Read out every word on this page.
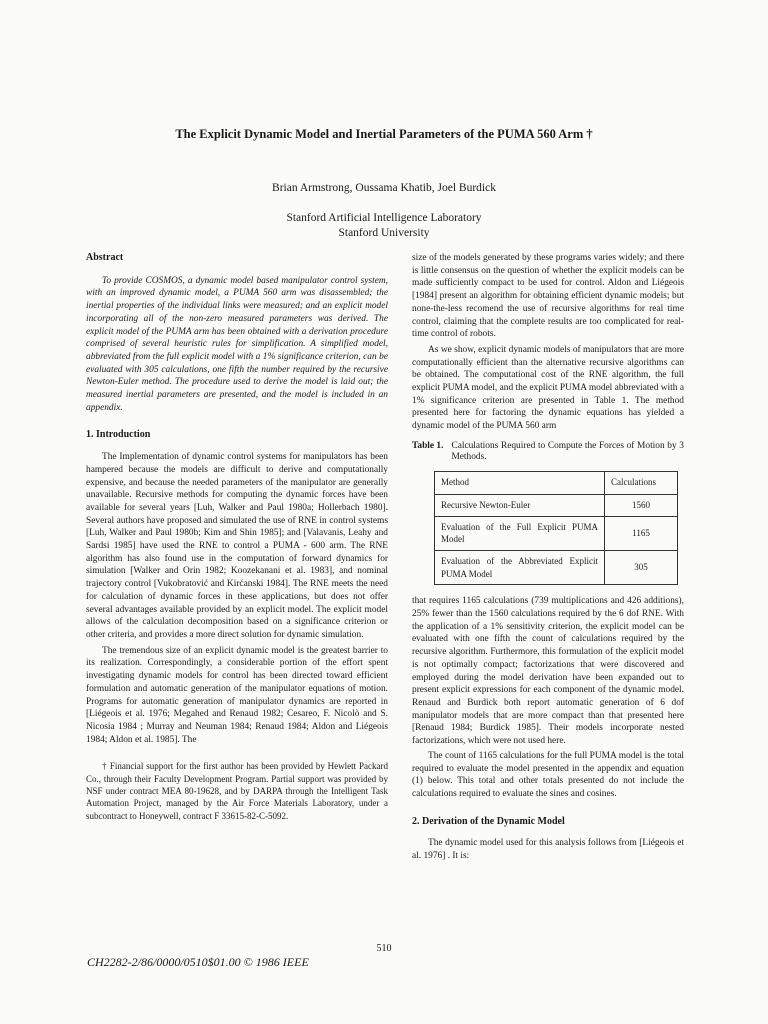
The Explicit Dynamic Model and Inertial Parameters of the PUMA 560 Arm †
Brian Armstrong, Oussama Khatib, Joel Burdick
Stanford Artificial Intelligence Laboratory
Stanford University
Abstract

To provide COSMOS, a dynamic model based manipulator control system, with an improved dynamic model, a PUMA 560 arm was disassembled; the inertial properties of the individual links were measured; and an explicit model incorporating all of the non-zero measured parameters was derived. The explicit model of the PUMA arm has been obtained with a derivation procedure comprised of several heuristic rules for simplification. A simplified model, abbreviated from the full explicit model with a 1% significance criterion, can be evaluated with 305 calculations, one fifth the number required by the recursive Newton-Euler method. The procedure used to derive the model is laid out; the measured inertial parameters are presented, and the model is included in an appendix.

1. Introduction

The Implementation of dynamic control systems for manipulators has been hampered because the models are difficult to derive and computationally expensive, and because the needed parameters of the manipulator are generally unavailable. Recursive methods for computing the dynamic forces have been available for several years [Luh, Walker and Paul 1980a; Hollerbach 1980]. Several authors have proposed and simulated the use of RNE in control systems [Luh, Walker and Paul 1980b; Kim and Shin 1985]; and [Valavanis, Leahy and Sardsi 1985] have used the RNE to control a PUMA - 600 arm. The RNE algorithm has also found use in the computation of forward dynamics for simulation [Walker and Orin 1982; Koozekanani et al. 1983], and nominal trajectory control [Vukobratović and Kirćanski 1984]. The RNE meets the need for calculation of dynamic forces in these applications, but does not offer several advantages available provided by an explicit model. The explicit model allows of the calculation decomposition based on a significance criterion or other criteria, and provides a more direct solution for dynamic simulation.

The tremendous size of an explicit dynamic model is the greatest barrier to its realization. Correspondingly, a considerable portion of the effort spent investigating dynamic models for control has been directed toward efficient formulation and automatic generation of the manipulator equations of motion. Programs for automatic generation of manipulator dynamics are reported in [Liégeois et al. 1976; Megahed and Renaud 1982; Cesareo, F. Nicolò and S. Nicosia 1984 ; Murray and Neuman 1984; Renaud 1984; Aldon and Liégeois 1984; Aldon et al. 1985]. The

† Financial support for the first author has been provided by Hewlett Packard Co., through their Faculty Development Program. Partial support was provided by NSF under contract MEA 80-19628, and by DARPA through the Intelligent Task Automation Project, managed by the Air Force Materials Laboratory, under a subcontract to Honeywell, contract F 33615-82-C-5092.

size of the models generated by these programs varies widely; and there is little consensus on the question of whether the explicit models can be made sufficiently compact to be used for control. Aldon and Liégeois [1984] present an algorithm for obtaining efficient dynamic models; but none-the-less recomend the use of recursive algorithms for real time control, claiming that the complete results are too complicated for real-time control of robots.

As we show, explicit dynamic models of manipulators that are more computationally efficient than the alternative recursive algorithms can be obtained. The computational cost of the RNE algorithm, the full explicit PUMA model, and the explicit PUMA model abbreviated with a 1% significance criterion are presented in Table 1. The method presented here for factoring the dynamic equations has yielded a dynamic model of the PUMA 560 arm

Table 1. Calculations Required to Compute the Forces of Motion by 3 Methods.
Method	Calculations
Recursive Newton-Euler	1560
Evaluation of the Full Explicit PUMA Model	1165
Evaluation of the Abbreviated Explicit PUMA Model	305

that requires 1165 calculations (739 multiplications and 426 additions), 25% fewer than the 1560 calculations required by the 6 dof RNE. With the application of a 1% sensitivity criterion, the explicit model can be evaluated with one fifth the count of calculations required by the recursive algorithm. Furthermore, this formulation of the explicit model is not optimally compact; factorizations that were discovered and employed during the model derivation have been expanded out to present explicit expressions for each component of the dynamic model. Renaud and Burdick both report automatic generation of 6 dof manipulator models that are more compact than that presented here [Renaud 1984; Burdick 1985]. Their models incorporate nested factorizations, which were not used here.

The count of 1165 calculations for the full PUMA model is the total required to evaluate the model presented in the appendix and equation (1) below. This total and other totals presented do not include the calculations required to evaluate the sines and cosines.

2. Derivation of the Dynamic Model

The dynamic model used for this analysis follows from [Liégeois et al. 1976] . It is:

510
CH2282-2/86/0000/0510$01.00 © 1986 IEEE
